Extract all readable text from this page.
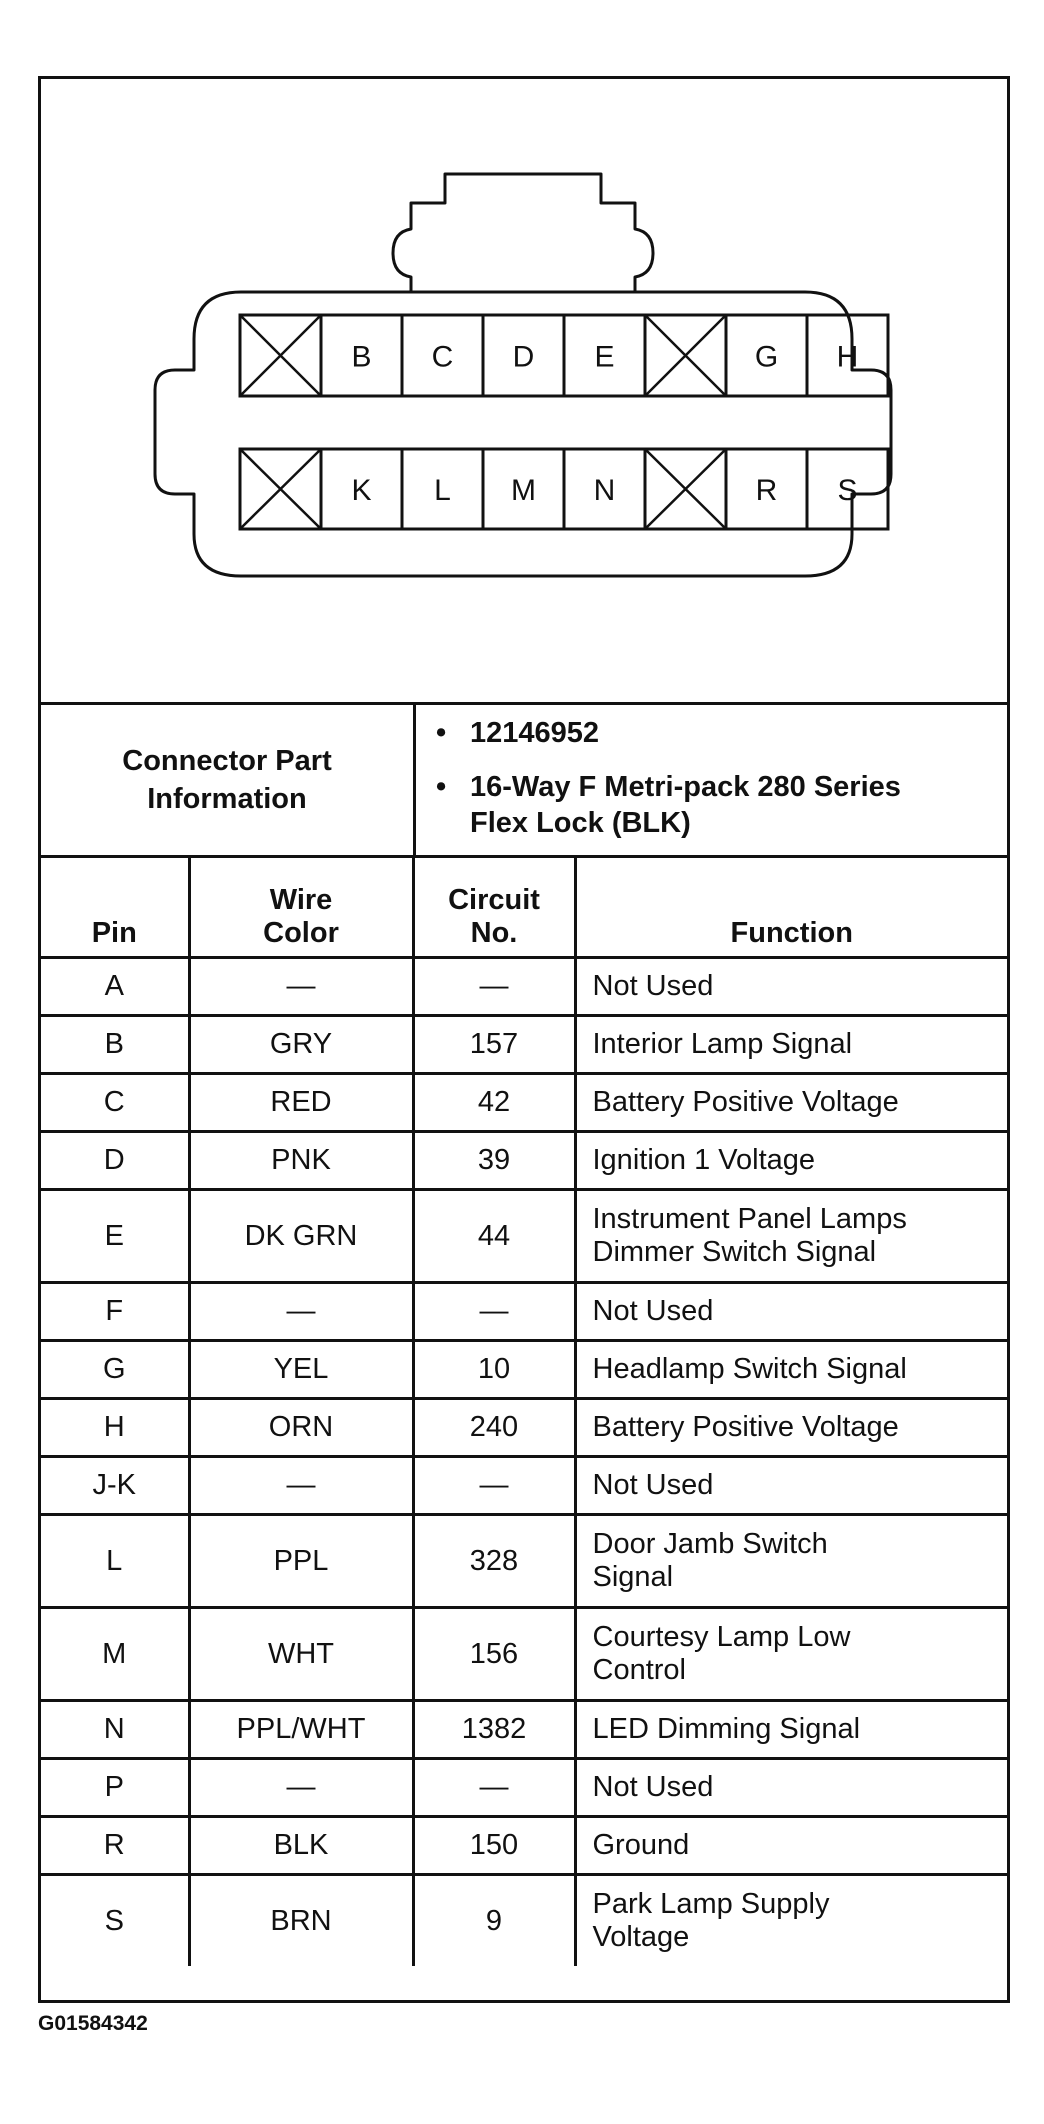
B C D E	G H
K L M N	R S
Connector Part Information
• 12146952
• 16-Way F Metri-pack 280 Series Flex Lock (BLK)
Pin	Wire Color	Circuit No.	Function
A	—	—	Not Used
B	GRY	157	Interior Lamp Signal
C	RED	42	Battery Positive Voltage
D	PNK	39	Ignition 1 Voltage
E	DK GRN	44	Instrument Panel Lamps Dimmer Switch Signal

F	—	—	Not Used
G	YEL	10	Headlamp Switch Signal
H	ORN	240	Battery Positive Voltage
J-K	—	—	Not Used
L	PPL	328	Door Jamb Switch Signal

M	WHT	156	Courtesy Lamp Low Control

N	PPL/WHT	1382	LED Dimming Signal
P	—	—	Not Used
R	BLK	150	Ground
S	BRN	9	Park Lamp Supply Voltage
G01584342
